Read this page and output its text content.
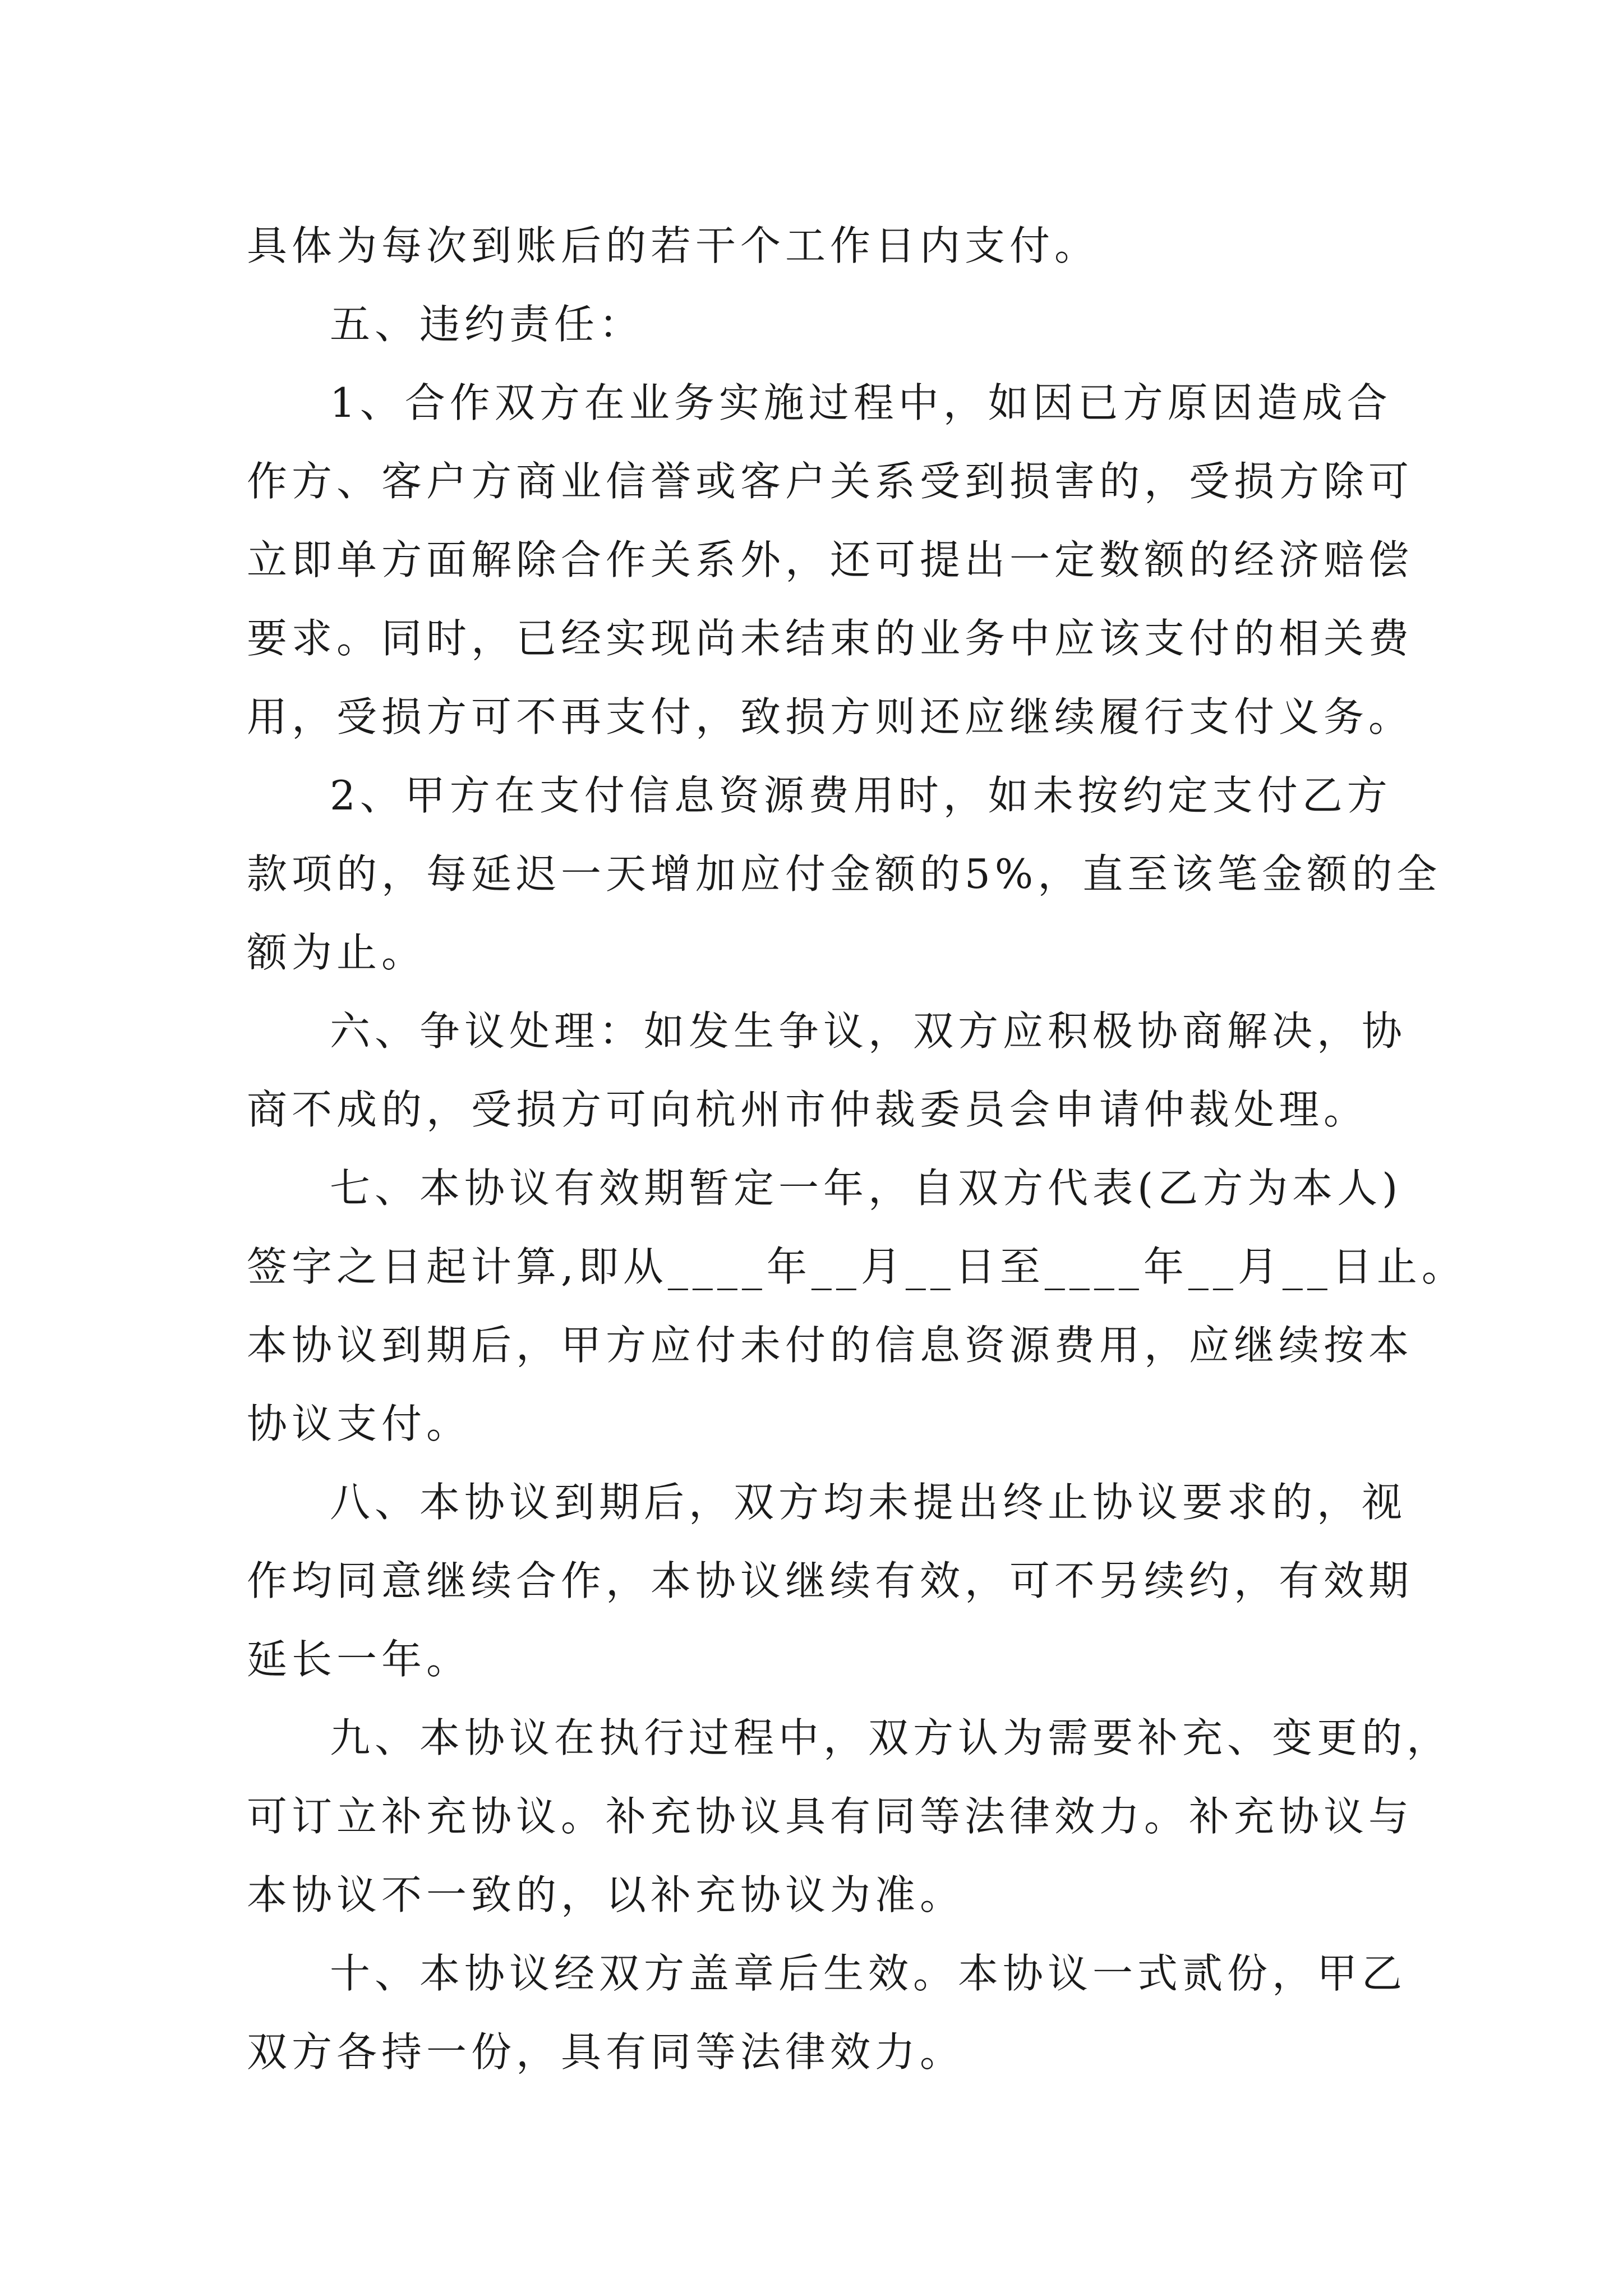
具体为每次到账后的若干个工作日内支付。
五、违约责任：
1、合作双方在业务实施过程中，如因已方原因造成合
作方、客户方商业信誉或客户关系受到损害的，受损方除可
立即单方面解除合作关系外，还可提出一定数额的经济赔偿
要求。同时，已经实现尚未结束的业务中应该支付的相关费
用，受损方可不再支付，致损方则还应继续履行支付义务。
2、甲方在支付信息资源费用时，如未按约定支付乙方
款项的，每延迟一天增加应付金额的5%，直至该笔金额的全
额为止。
六、争议处理：如发生争议，双方应积极协商解决，协
商不成的，受损方可向杭州市仲裁委员会申请仲裁处理。
七、本协议有效期暂定一年，自双方代表(乙方为本人)
签字之日起计算,即从____年__月__日至____年__月__日止。
本协议到期后，甲方应付未付的信息资源费用，应继续按本
协议支付。
八、本协议到期后，双方均未提出终止协议要求的，视
作均同意继续合作，本协议继续有效，可不另续约，有效期
延长一年。
九、本协议在执行过程中，双方认为需要补充、变更的，
可订立补充协议。补充协议具有同等法律效力。补充协议与
本协议不一致的，以补充协议为准。
十、本协议经双方盖章后生效。本协议一式贰份，甲乙
双方各持一份，具有同等法律效力。
